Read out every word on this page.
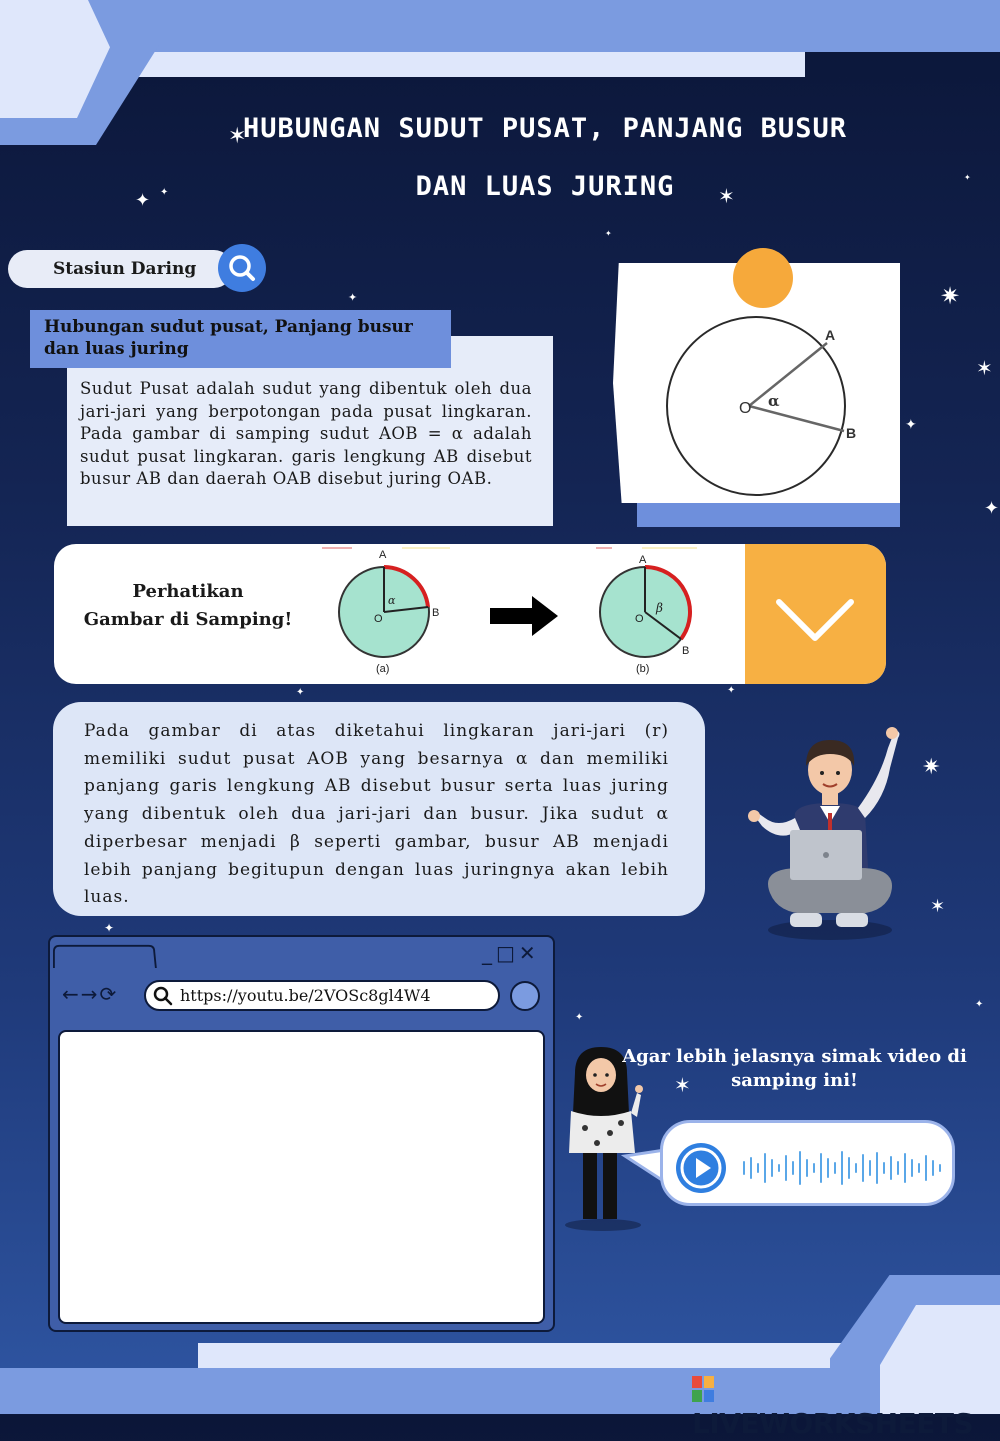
✶
✦ ✦	✶
✷
✶
✦
✦
✦
✷
✶
✦
✶
✦
✦
✦	✦
✦
✦
HUBUNGAN SUDUT PUSAT, PANJANG BUSUR
DAN LUAS JURING
Stasiun Daring
Hubungan sudut pusat, Panjang busur dan luas juring
Sudut Pusat adalah sudut yang dibentuk oleh dua jari-jari yang berpotongan pada pusat lingkaran. Pada gambar di samping sudut AOB = α adalah sudut pusat lingkaran. garis lengkung AB disebut busur AB dan daerah OAB disebut juring OAB.
O
A
B
α
Perhatikan
Gambar di Samping!
A
B
O
α
(a)
A
B
O
β
(b)
Pada gambar di atas diketahui lingkaran jari-jari (r) memiliki sudut pusat AOB yang besarnya α dan memiliki panjang garis lengkung AB disebut busur serta luas juring yang dibentuk oleh dua jari-jari dan busur. Jika sudut α diperbesar menjadi β seperti gambar, busur AB menjadi lebih panjang begitupun dengan luas juringnya akan lebih luas.
_□✕
←→⟳	https://youtu.be/2VOSc8gl4W4
Agar lebih jelasnya simak video di samping ini!
LIVEWORKSHEETS
